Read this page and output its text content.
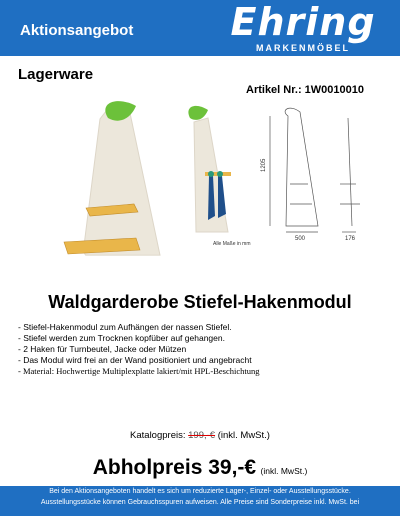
Aktionsangebot	Ehring
MARKENMÖBEL
Lagerware
Artikel Nr.: 1W0010010
1205
500	176
Alle Maße in mm
Waldgarderobe Stiefel-Hakenmodul
- Stiefel-Hakenmodul zum Aufhängen der nassen Stiefel.
- Stiefel werden zum Trocknen kopfüber auf gehangen.
- 2 Haken für Turnbeutel, Jacke oder Mützen
- Das Modul wird frei an der Wand positioniert und angebracht
- Material: Hochwertige Multiplexplatte lakiert/mit HPL-Beschichtung
Katalogpreis: 199,-€ (inkl. MwSt.)
Abholpreis 39,-€ (inkl. MwSt.)
Bei den Aktionsangeboten handelt es sich um reduzierte Lager-, Einzel- oder Ausstellungsstücke.
Ausstellungsstücke können Gebrauchsspuren aufweisen. Alle Preise sind Sonderpreise inkl. MwSt. bei
